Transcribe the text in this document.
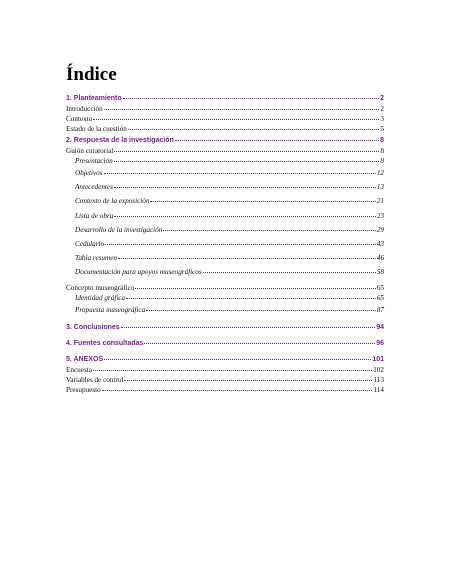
Índice
1. Planteamiento	2
Introducción	2
Contexto	3
Estado de la cuestión	5
2. Respuesta de la investigación	8
Guión curatorial	8
Presentación	8
Objetivos	12
Antecedentes	13
Contexto de la exposición	21
Lista de obra	23
Desarrollo de la investigación	29
Cedulario	43
Tabla resumen	46
Documentación para apoyos museográficos	58
Concepto museográfico	65
Identidad gráfica	65
Propuesta museográfica	87
3. Conclusiones	94
4. Fuentes consultadas	96
5. ANEXOS	101
Encuesta	102
Variables de control	113
Presupuesto	114
